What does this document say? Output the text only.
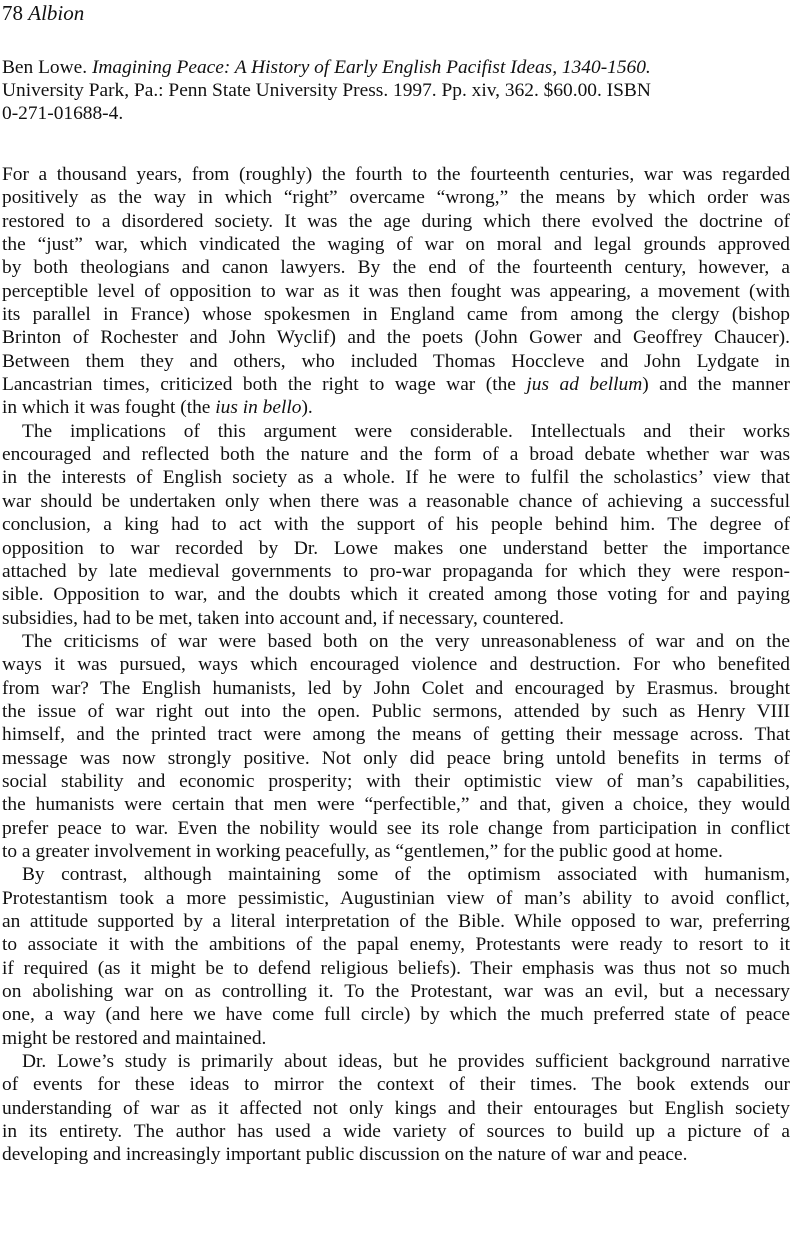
78 Albion
Ben Lowe. Imagining Peace: A History of Early English Pacifist Ideas, 1340-1560.
University Park, Pa.: Penn State University Press. 1997. Pp. xiv, 362. $60.00. ISBN
0-271-01688-4.
For a thousand years, from (roughly) the fourth to the fourteenth centuries, war was regarded
positively as the way in which “right” overcame “wrong,” the means by which order was
restored to a disordered society. It was the age during which there evolved the doctrine of
the “just” war, which vindicated the waging of war on moral and legal grounds approved
by both theologians and canon lawyers. By the end of the fourteenth century, however, a
perceptible level of opposition to war as it was then fought was appearing, a movement (with
its parallel in France) whose spokesmen in England came from among the clergy (bishop
Brinton of Rochester and John Wyclif) and the poets (John Gower and Geoffrey Chaucer).
Between them they and others, who included Thomas Hoccleve and John Lydgate in
Lancastrian times, criticized both the right to wage war (the jus ad bellum) and the manner
in which it was fought (the ius in bello).
The implications of this argument were considerable. Intellectuals and their works
encouraged and reflected both the nature and the form of a broad debate whether war was
in the interests of English society as a whole. If he were to fulfil the scholastics’ view that
war should be undertaken only when there was a reasonable chance of achieving a successful
conclusion, a king had to act with the support of his people behind him. The degree of
opposition to war recorded by Dr. Lowe makes one understand better the importance
attached by late medieval governments to pro-war propaganda for which they were respon-
sible. Opposition to war, and the doubts which it created among those voting for and paying
subsidies, had to be met, taken into account and, if necessary, countered.
The criticisms of war were based both on the very unreasonableness of war and on the
ways it was pursued, ways which encouraged violence and destruction. For who benefited
from war? The English humanists, led by John Colet and encouraged by Erasmus. brought
the issue of war right out into the open. Public sermons, attended by such as Henry VIII
himself, and the printed tract were among the means of getting their message across. That
message was now strongly positive. Not only did peace bring untold benefits in terms of
social stability and economic prosperity; with their optimistic view of man’s capabilities,
the humanists were certain that men were “perfectible,” and that, given a choice, they would
prefer peace to war. Even the nobility would see its role change from participation in conflict
to a greater involvement in working peacefully, as “gentlemen,” for the public good at home.
By contrast, although maintaining some of the optimism associated with humanism,
Protestantism took a more pessimistic, Augustinian view of man’s ability to avoid conflict,
an attitude supported by a literal interpretation of the Bible. While opposed to war, preferring
to associate it with the ambitions of the papal enemy, Protestants were ready to resort to it
if required (as it might be to defend religious beliefs). Their emphasis was thus not so much
on abolishing war on as controlling it. To the Protestant, war was an evil, but a necessary
one, a way (and here we have come full circle) by which the much preferred state of peace
might be restored and maintained.
Dr. Lowe’s study is primarily about ideas, but he provides sufficient background narrative
of events for these ideas to mirror the context of their times. The book extends our
understanding of war as it affected not only kings and their entourages but English society
in its entirety. The author has used a wide variety of sources to build up a picture of a
developing and increasingly important public discussion on the nature of war and peace.
